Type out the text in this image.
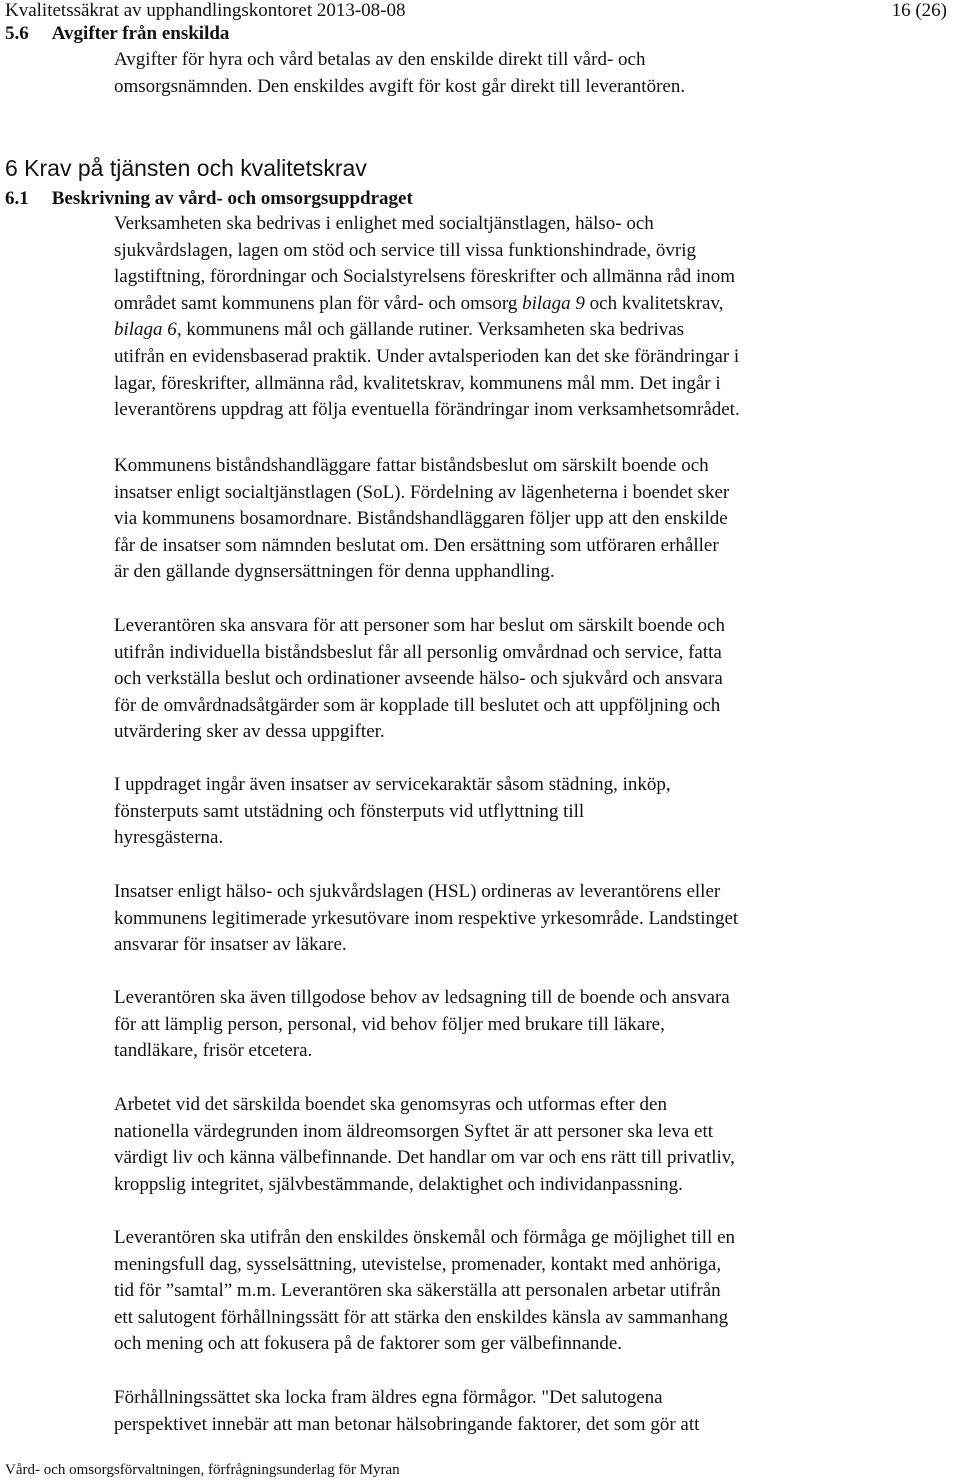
Kvalitetssäkrat av upphandlingskontoret 2013-08-08	16 (26)
5.6 Avgifter från enskilda
Avgifter för hyra och vård betalas av den enskilde direkt till vård- och
omsorgsnämnden. Den enskildes avgift för kost går direkt till leverantören.
6 Krav på tjänsten och kvalitetskrav
6.1 Beskrivning av vård- och omsorgsuppdraget
Verksamheten ska bedrivas i enlighet med socialtjänstlagen, hälso- och
sjukvårdslagen, lagen om stöd och service till vissa funktionshindrade, övrig
lagstiftning, förordningar och Socialstyrelsens föreskrifter och allmänna råd inom
området samt kommunens plan för vård- och omsorg bilaga 9 och kvalitetskrav,
bilaga 6, kommunens mål och gällande rutiner. Verksamheten ska bedrivas
utifrån en evidensbaserad praktik. Under avtalsperioden kan det ske förändringar i
lagar, föreskrifter, allmänna råd, kvalitetskrav, kommunens mål mm. Det ingår i
leverantörens uppdrag att följa eventuella förändringar inom verksamhetsområdet.
Kommunens biståndshandläggare fattar biståndsbeslut om särskilt boende och
insatser enligt socialtjänstlagen (SoL). Fördelning av lägenheterna i boendet sker
via kommunens bosamordnare. Biståndshandläggaren följer upp att den enskilde
får de insatser som nämnden beslutat om. Den ersättning som utföraren erhåller
är den gällande dygnsersättningen för denna upphandling.
Leverantören ska ansvara för att personer som har beslut om särskilt boende och
utifrån individuella biståndsbeslut får all personlig omvårdnad och service, fatta
och verkställa beslut och ordinationer avseende hälso- och sjukvård och ansvara
för de omvårdnadsåtgärder som är kopplade till beslutet och att uppföljning och
utvärdering sker av dessa uppgifter.
I uppdraget ingår även insatser av servicekaraktär såsom städning, inköp,
fönsterputs samt utstädning och fönsterputs vid utflyttning till
hyresgästerna.
Insatser enligt hälso- och sjukvårdslagen (HSL) ordineras av leverantörens eller
kommunens legitimerade yrkesutövare inom respektive yrkesområde. Landstinget
ansvarar för insatser av läkare.
Leverantören ska även tillgodose behov av ledsagning till de boende och ansvara
för att lämplig person, personal, vid behov följer med brukare till läkare,
tandläkare, frisör etcetera.
Arbetet vid det särskilda boendet ska genomsyras och utformas efter den
nationella värdegrunden inom äldreomsorgen Syftet är att personer ska leva ett
värdigt liv och känna välbefinnande. Det handlar om var och ens rätt till privatliv,
kroppslig integritet, självbestämmande, delaktighet och individanpassning.
Leverantören ska utifrån den enskildes önskemål och förmåga ge möjlighet till en
meningsfull dag, sysselsättning, utevistelse, promenader, kontakt med anhöriga,
tid för ”samtal” m.m. Leverantören ska säkerställa att personalen arbetar utifrån
ett salutogent förhållningssätt för att stärka den enskildes känsla av sammanhang
och mening och att fokusera på de faktorer som ger välbefinnande.
Förhållningssättet ska locka fram äldres egna förmågor. "Det salutogena
perspektivet innebär att man betonar hälsobringande faktorer, det som gör att
Vård- och omsorgsförvaltningen, förfrågningsunderlag för Myran
